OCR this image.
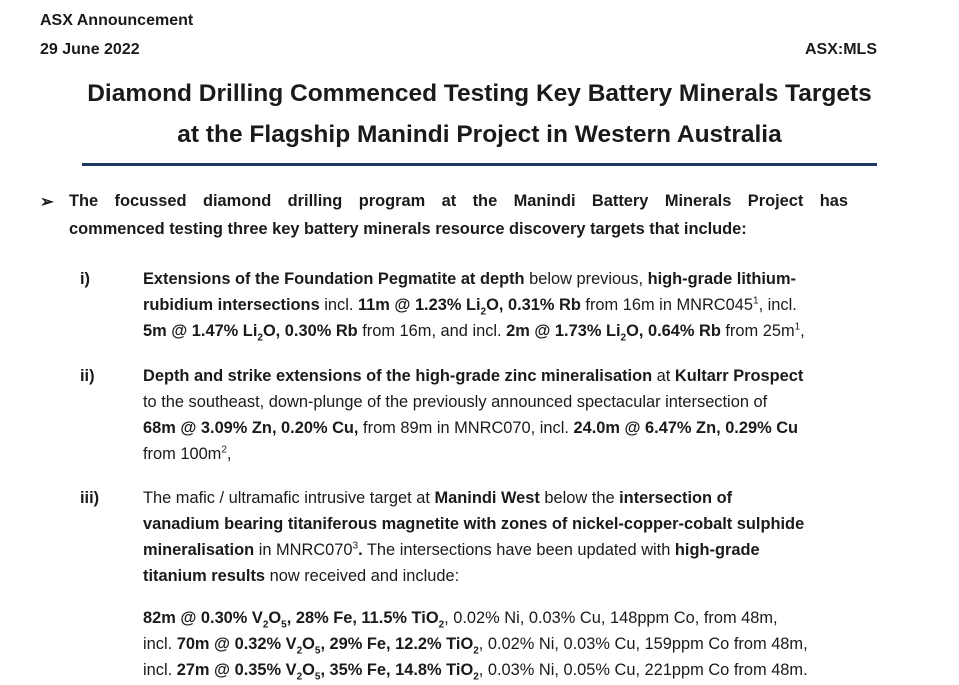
ASX Announcement
29 June 2022	ASX:MLS
Diamond Drilling Commenced Testing Key Battery Minerals Targets
at the Flagship Manindi Project in Western Australia
➢ The focussed diamond drilling program at the Manindi Battery Minerals Project has
commenced testing three key battery minerals resource discovery targets that include:
i)	Extensions of the Foundation Pegmatite at depth below previous, high-grade lithium-
rubidium intersections incl. 11m @ 1.23% $Li_2O$, 0.31% Rb from 16m in $MNRC045^1$, incl.
5m @ 1.47% $Li_2O$, 0.30% Rb from 16m, and incl. 2m @ 1.73% $Li_2O$, 0.64% Rb from $25m^1$,
ii)	Depth and strike extensions of the high-grade zinc mineralisation at Kultarr Prospect
to the southeast, down-plunge of the previously announced spectacular intersection of
68m @ 3.09% Zn, 0.20% Cu, from 89m in MNRC070, incl. 24.0m @ 6.47% Zn, 0.29% Cu
from $100m^2$,
iii)	The mafic / ultramafic intrusive target at Manindi West below the intersection of
vanadium bearing titaniferous magnetite with zones of nickel-copper-cobalt sulphide
mineralisation in $MNRC070^3$. The intersections have been updated with high-grade
titanium results now received and include:
82m @ 0.30% $V_2O_5$, 28% Fe, 11.5% TiO$_2$, 0.02% Ni, 0.03% Cu, 148ppm Co, from 48m,
incl. 70m @ 0.32% $V_2O_5$, 29% Fe, 12.2% TiO$_2$, 0.02% Ni, 0.03% Cu, 159ppm Co from 48m,
incl. 27m @ 0.35% $V_2O_5$, 35% Fe, 14.8% TiO$_2$, 0.03% Ni, 0.05% Cu, 221ppm Co from 48m.
